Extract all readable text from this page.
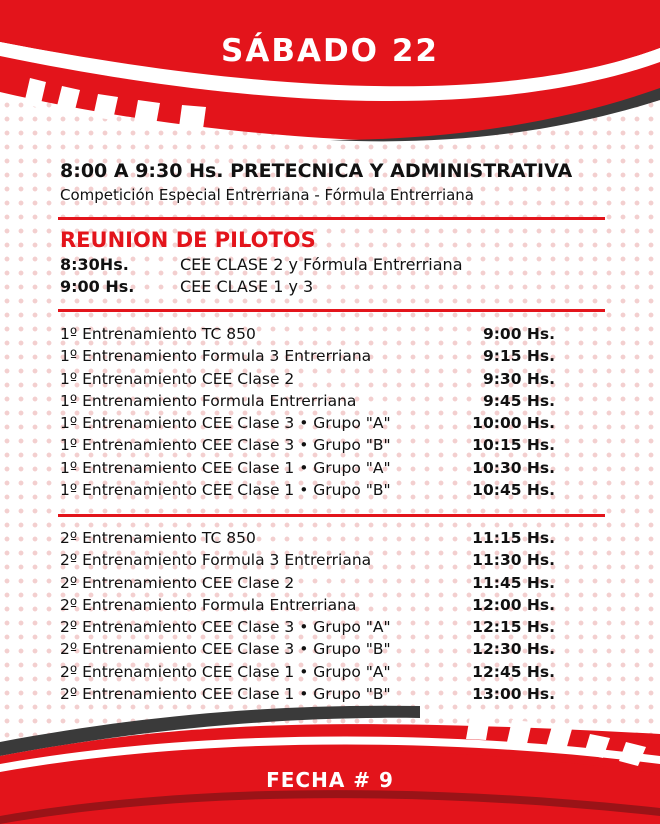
SÁBADO 22
8:00 A 9:30 Hs. PRETECNICA Y ADMINISTRATIVA
Competición Especial Entrerriana - Fórmula Entrerriana
REUNION DE PILOTOS
8:30Hs.	CEE CLASE 2 y Fórmula Entrerriana
9:00 Hs.	CEE CLASE 1 y 3
1º Entrenamiento TC 850	9:00 Hs.
1º Entrenamiento Formula 3 Entrerriana	9:15 Hs.
1º Entrenamiento CEE Clase 2	9:30 Hs.
1º Entrenamiento Formula Entrerriana	9:45 Hs.
1º Entrenamiento CEE Clase 3 • Grupo "A"	10:00 Hs.
1º Entrenamiento CEE Clase 3 • Grupo "B"	10:15 Hs.
1º Entrenamiento CEE Clase 1 • Grupo "A"	10:30 Hs.
1º Entrenamiento CEE Clase 1 • Grupo "B"	10:45 Hs.
2º Entrenamiento TC 850	11:15 Hs.
2º Entrenamiento Formula 3 Entrerriana	11:30 Hs.
2º Entrenamiento CEE Clase 2	11:45 Hs.
2º Entrenamiento Formula Entrerriana	12:00 Hs.
2º Entrenamiento CEE Clase 3 • Grupo "A"	12:15 Hs.
2º Entrenamiento CEE Clase 3 • Grupo "B"	12:30 Hs.
2º Entrenamiento CEE Clase 1 • Grupo "A"	12:45 Hs.
2º Entrenamiento CEE Clase 1 • Grupo "B"	13:00 Hs.
FECHA # 9
